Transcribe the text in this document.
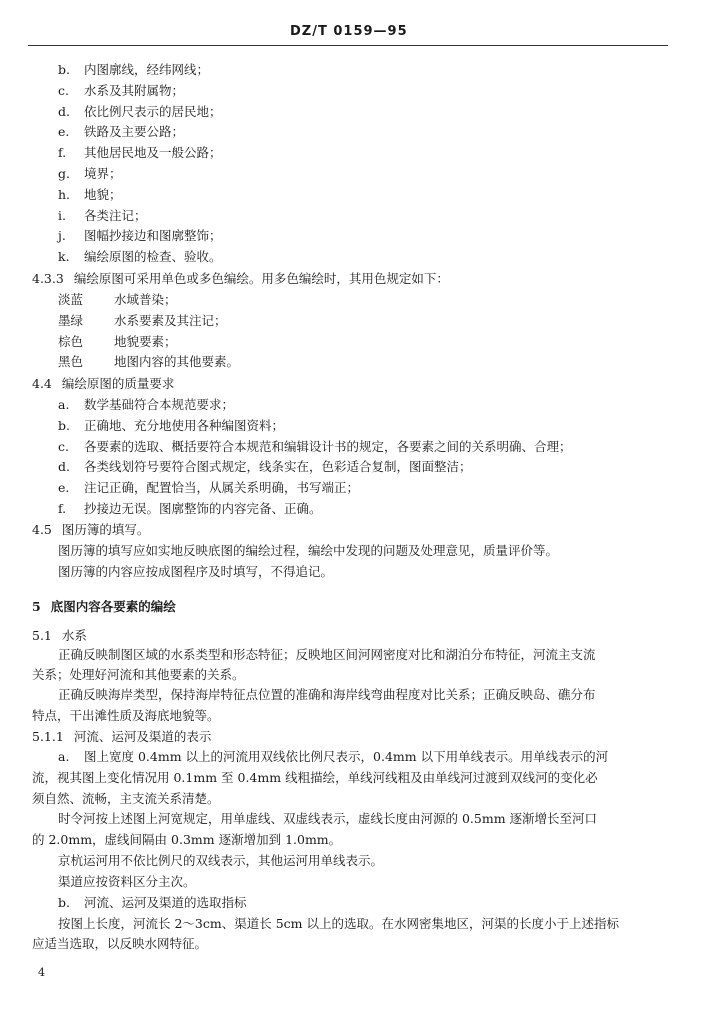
DZ/T 0159—95
b. 内图廓线，经纬网线；
c. 水系及其附属物；
d. 依比例尺表示的居民地；
e. 铁路及主要公路；
f. 其他居民地及一般公路；
g. 境界；
h. 地貌；
i. 各类注记；
j. 图幅抄接边和图廓整饰；
k. 编绘原图的检查、验收。
4.3.3 编绘原图可采用单色或多色编绘。用多色编绘时，其用色规定如下：
淡蓝 水域普染；
墨绿 水系要素及其注记；
棕色 地貌要素；
黑色 地图内容的其他要素。
4.4 编绘原图的质量要求
a. 数学基础符合本规范要求；
b. 正确地、充分地使用各种编图资料；
c. 各要素的选取、概括要符合本规范和编辑设计书的规定，各要素之间的关系明确、合理；
d. 各类线划符号要符合图式规定，线条实在，色彩适合复制，图面整洁；
e. 注记正确，配置恰当，从属关系明确，书写端正；
f. 抄接边无误。图廓整饰的内容完备、正确。
4.5 图历簿的填写。
图历簿的填写应如实地反映底图的编绘过程，编绘中发现的问题及处理意见，质量评价等。
图历簿的内容应按成图程序及时填写，不得追记。
5 底图内容各要素的编绘
5.1 水系
正确反映制图区域的水系类型和形态特征；反映地区间河网密度对比和湖泊分布特征，河流主支流
关系；处理好河流和其他要素的关系。
正确反映海岸类型，保持海岸特征点位置的准确和海岸线弯曲程度对比关系；正确反映岛、礁分布
特点，干出滩性质及海底地貌等。
5.1.1 河流、运河及渠道的表示
a. 图上宽度 0.4mm 以上的河流用双线依比例尺表示，0.4mm 以下用单线表示。用单线表示的河
流，视其图上变化情况用 0.1mm 至 0.4mm 线粗描绘，单线河线粗及由单线河过渡到双线河的变化必
须自然、流畅，主支流关系清楚。
时令河按上述图上河宽规定，用单虚线、双虚线表示，虚线长度由河源的 0.5mm 逐渐增长至河口
的 2.0mm，虚线间隔由 0.3mm 逐渐增加到 1.0mm。
京杭运河用不依比例尺的双线表示，其他运河用单线表示。
渠道应按资料区分主次。
b. 河流、运河及渠道的选取指标
按图上长度，河流长 2～3cm、渠道长 5cm 以上的选取。在水网密集地区，河渠的长度小于上述指标
应适当选取，以反映水网特征。
4
